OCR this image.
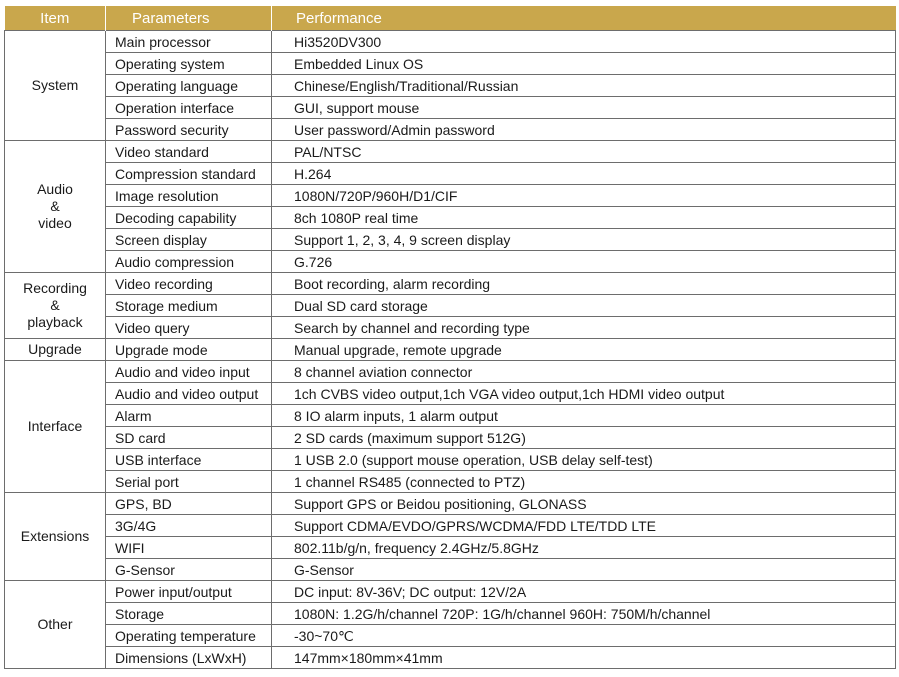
Item	Parameters	Performance

System	Main processor	Hi3520DV300
	Operating system	Embedded Linux OS
	Operating language	Chinese/English/Traditional/Russian
	Operation interface	GUI, support mouse
	Password security	User password/Admin password

Audio
&
video	Video standard	PAL/NTSC
	Compression standard	H.264
	Image resolution	1080N/720P/960H/D1/CIF
	Decoding capability	8ch 1080P real time
	Screen display	Support 1, 2, 3, 4, 9 screen display
	Audio compression	G.726

Recording
&
playback	Video recording	Boot recording, alarm recording
	Storage medium	Dual SD card storage
	Video query	Search by channel and recording type

Upgrade	Upgrade mode	Manual upgrade, remote upgrade

Interface	Audio and video input	8 channel aviation connector
	Audio and video output	1ch CVBS video output,1ch VGA video output,1ch HDMI video output
	Alarm	8 IO alarm inputs, 1 alarm output
	SD card	2 SD cards (maximum support 512G)
	USB interface	1 USB 2.0 (support mouse operation, USB delay self-test)
	Serial port	1 channel RS485 (connected to PTZ)

Extensions	GPS, BD	Support GPS or Beidou positioning, GLONASS
	3G/4G	Support CDMA/EVDO/GPRS/WCDMA/FDD LTE/TDD LTE
	WIFI	802.11b/g/n, frequency 2.4GHz/5.8GHz
	G-Sensor	G-Sensor

Other	Power input/output	DC input: 8V-36V; DC output: 12V/2A
	Storage	1080N: 1.2G/h/channel 720P: 1G/h/channel 960H: 750M/h/channel
	Operating temperature	-30~70℃
	Dimensions (LxWxH)	147mm×180mm×41mm
